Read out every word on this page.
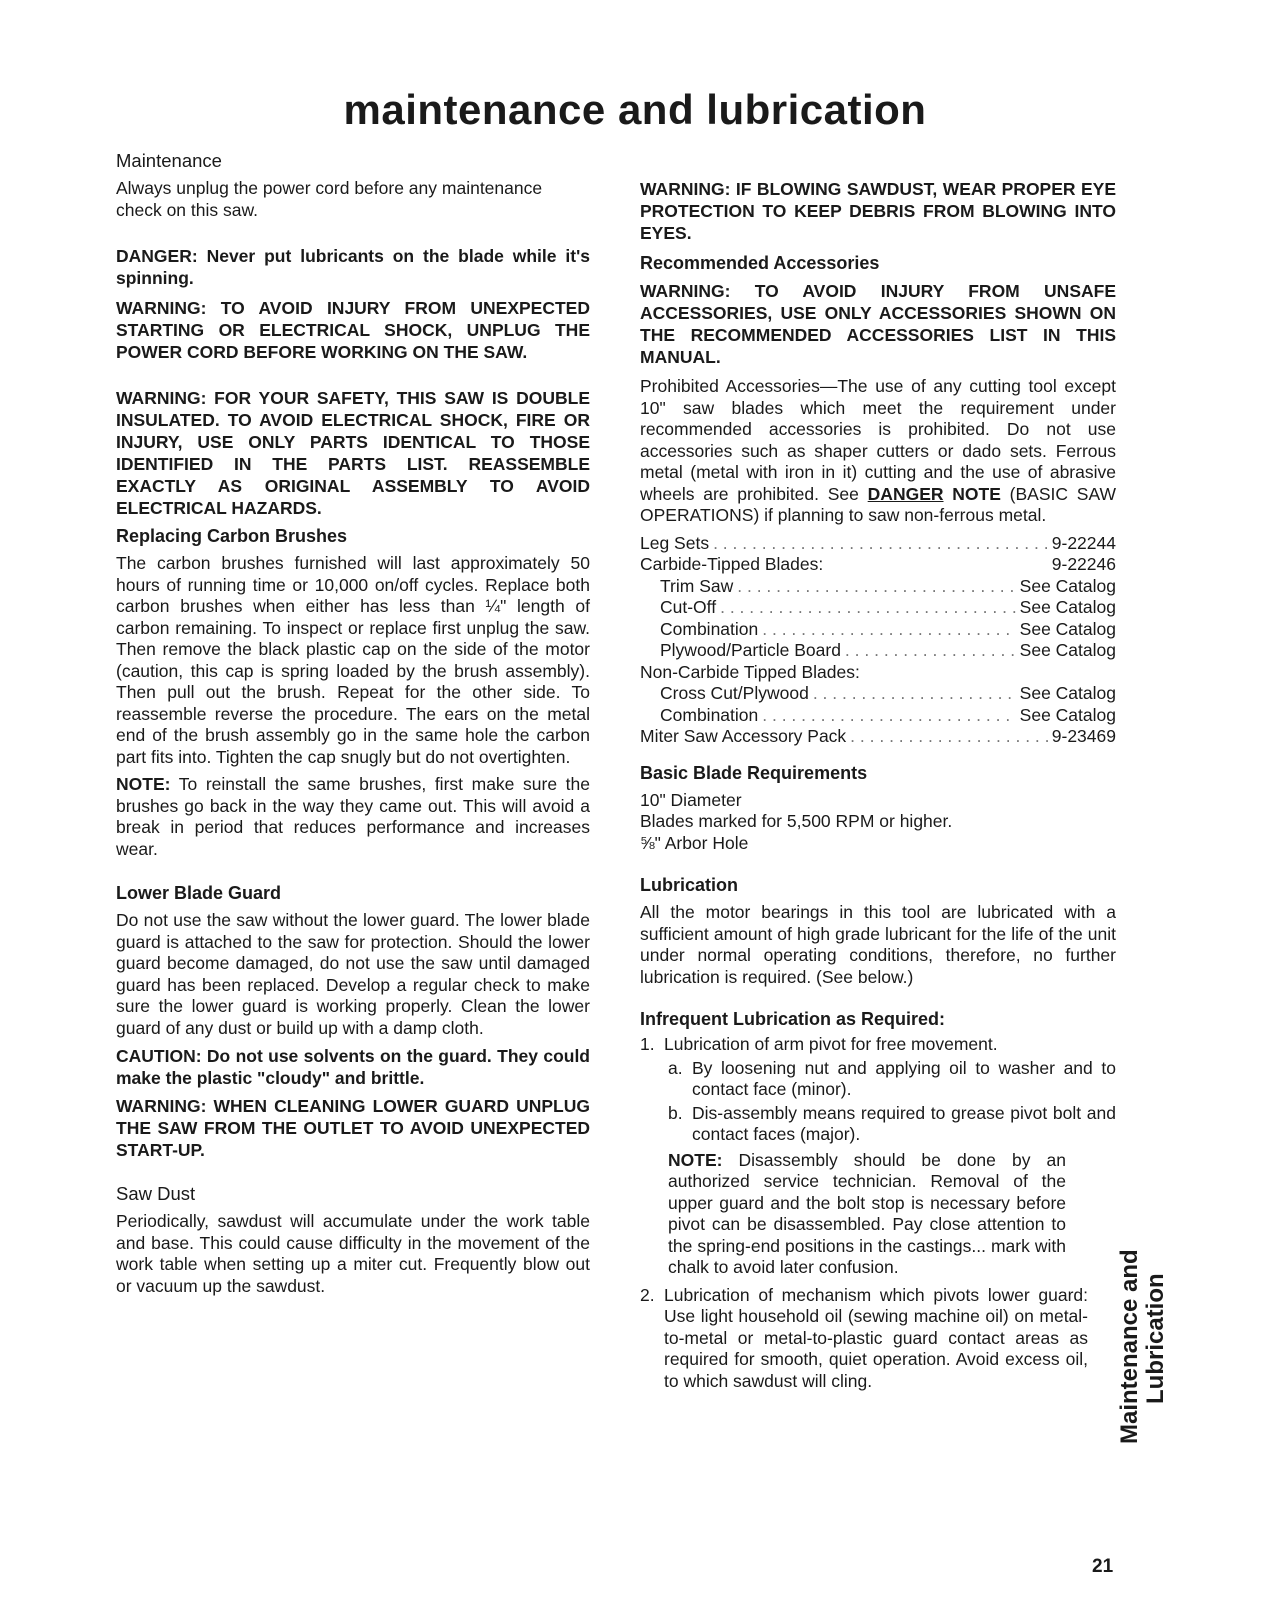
maintenance and lubrication
Maintenance

Always unplug the power cord before any maintenance check on this saw.

DANGER: Never put lubricants on the blade while it's spinning.

WARNING: TO AVOID INJURY FROM UNEXPECTED STARTING OR ELECTRICAL SHOCK, UNPLUG THE POWER CORD BEFORE WORKING ON THE SAW.

WARNING: FOR YOUR SAFETY, THIS SAW IS DOUBLE INSULATED. TO AVOID ELECTRICAL SHOCK, FIRE OR INJURY, USE ONLY PARTS IDENTICAL TO THOSE IDENTIFIED IN THE PARTS LIST. REASSEMBLE EXACTLY AS ORIGINAL ASSEMBLY TO AVOID ELECTRICAL HAZARDS.

Replacing Carbon Brushes

The carbon brushes furnished will last approximately 50 hours of running time or 10,000 on/off cycles. Replace both carbon brushes when either has less than ¼" length of carbon remaining. To inspect or replace first unplug the saw. Then remove the black plastic cap on the side of the motor (caution, this cap is spring loaded by the brush assembly). Then pull out the brush. Repeat for the other side. To reassemble reverse the procedure. The ears on the metal end of the brush assembly go in the same hole the carbon part fits into. Tighten the cap snugly but do not overtighten.

NOTE: To reinstall the same brushes, first make sure the brushes go back in the way they came out. This will avoid a break in period that reduces performance and increases wear.

Lower Blade Guard

Do not use the saw without the lower guard. The lower blade guard is attached to the saw for protection. Should the lower guard become damaged, do not use the saw until damaged guard has been replaced. Develop a regular check to make sure the lower guard is working properly. Clean the lower guard of any dust or build up with a damp cloth.

CAUTION: Do not use solvents on the guard. They could make the plastic "cloudy" and brittle.

WARNING: WHEN CLEANING LOWER GUARD UNPLUG THE SAW FROM THE OUTLET TO AVOID UNEXPECTED START-UP.

Saw Dust

Periodically, sawdust will accumulate under the work table and base. This could cause difficulty in the movement of the work table when setting up a miter cut. Frequently blow out or vacuum up the sawdust.

WARNING: IF BLOWING SAWDUST, WEAR PROPER EYE PROTECTION TO KEEP DEBRIS FROM BLOWING INTO EYES.

Recommended Accessories

WARNING: TO AVOID INJURY FROM UNSAFE ACCESSORIES, USE ONLY ACCESSORIES SHOWN ON THE RECOMMENDED ACCESSORIES LIST IN THIS MANUAL.

Prohibited Accessories—The use of any cutting tool except 10" saw blades which meet the requirement under recommended accessories is prohibited. Do not use accessories such as shaper cutters or dado sets. Ferrous metal (metal with iron in it) cutting and the use of abrasive wheels are prohibited. See DANGER NOTE (BASIC SAW OPERATIONS) if planning to saw non-ferrous metal.

Leg Sets . . .	9-22244
Carbide-Tipped Blades:	9-22246
Trim Saw . . .	See Catalog
Cut-Off . . .	See Catalog
Combination . . .	See Catalog
Plywood/Particle Board . . .	See Catalog
Non-Carbide Tipped Blades:
Cross Cut/Plywood . . .	See Catalog
Combination . . .	See Catalog
Miter Saw Accessory Pack . . .	9-23469
Basic Blade Requirements

10" Diameter

Blades marked for 5,500 RPM or higher.

⅝" Arbor Hole

Lubrication

All the motor bearings in this tool are lubricated with a sufficient amount of high grade lubricant for the life of the unit under normal operating conditions, therefore, no further lubrication is required. (See below.)

Infrequent Lubrication as Required:
1. Lubrication of arm pivot for free movement.
a. By loosening nut and applying oil to washer and to contact face (minor).
b. Dis-assembly means required to grease pivot bolt and contact faces (major).

NOTE: Disassembly should be done by an authorized service technician. Removal of the upper guard and the bolt stop is necessary before pivot can be disassembled. Pay close attention to the spring-end positions in the castings... mark with chalk to avoid later confusion.

2. Lubrication of mechanism which pivots lower guard: Use light household oil (sewing machine oil) on metal-to-metal or metal-to-plastic guard contact areas as required for smooth, quiet operation. Avoid excess oil, to which sawdust will cling.	Maintenance and Lubrication
21
